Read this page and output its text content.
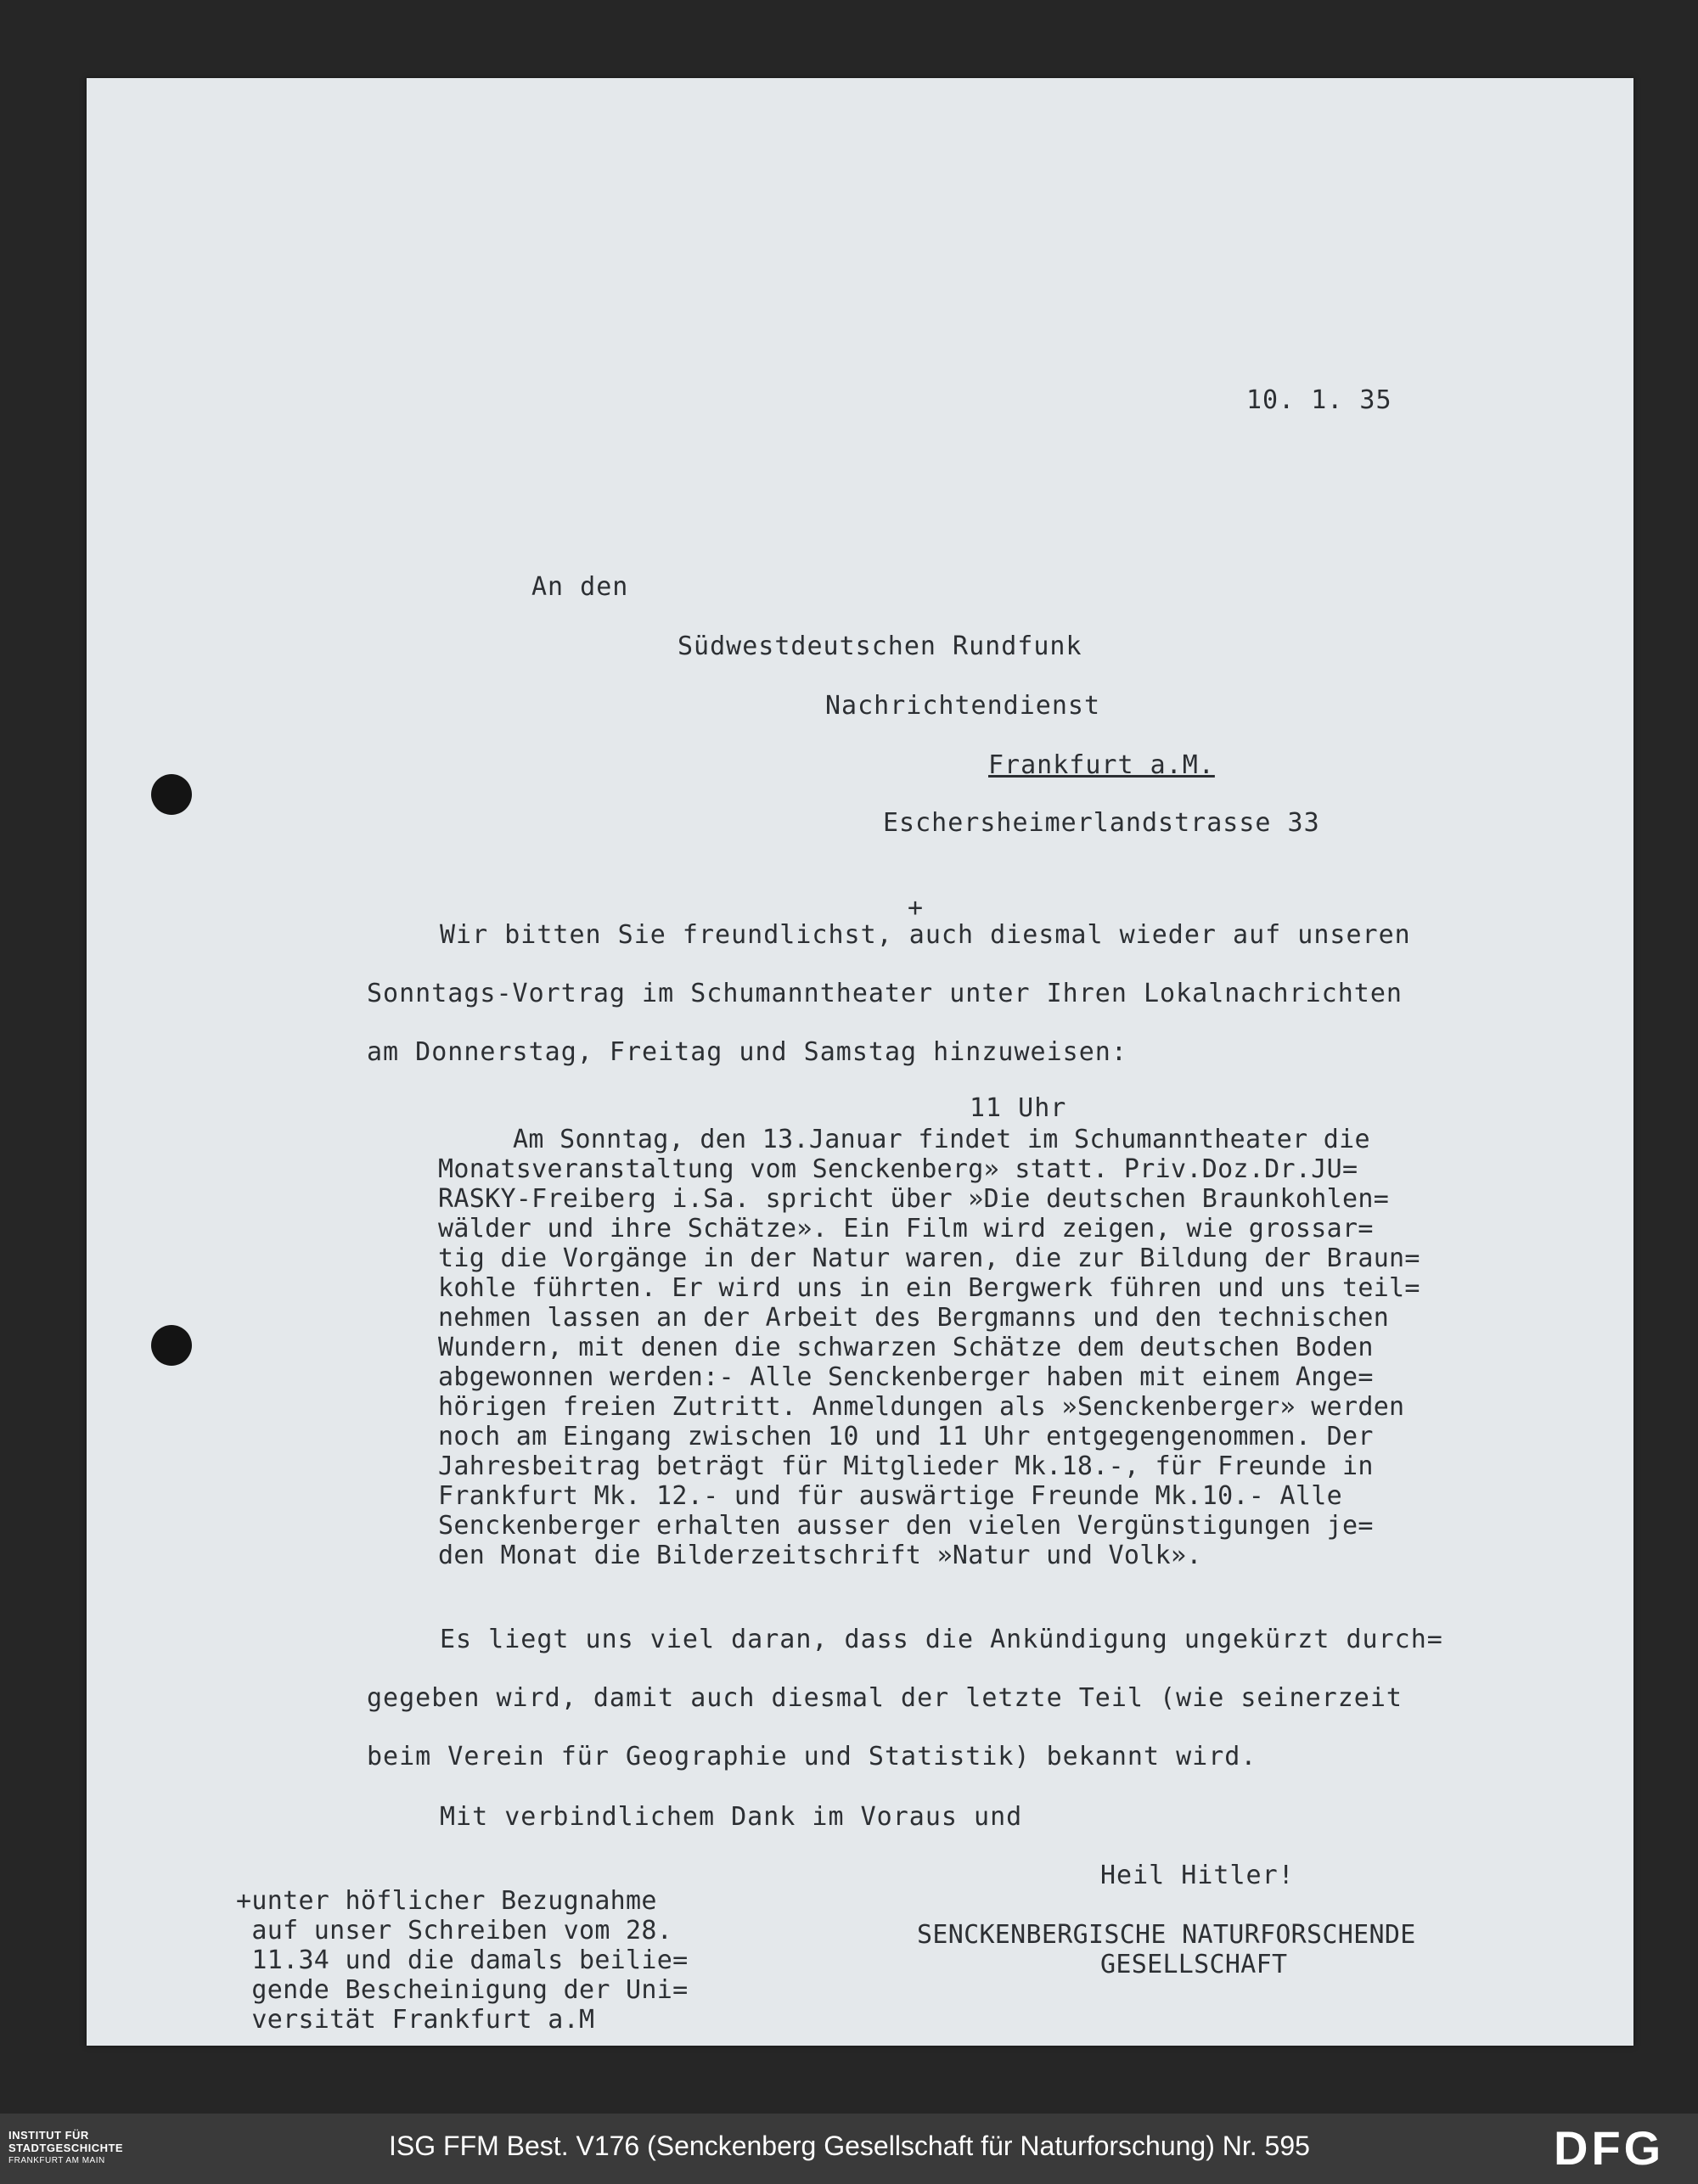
10. 1. 35
An den
Südwestdeutschen Rundfunk
Nachrichtendienst
Frankfurt a.M.
Eschersheimerlandstrasse 33
+
Wir bitten Sie freundlichst, auch diesmal wieder auf unseren
Sonntags-Vortrag im Schumanntheater unter Ihren Lokalnachrichten
am Donnerstag, Freitag und Samstag hinzuweisen:
11 Uhr
Am Sonntag, den 13.Januar findet im Schumanntheater die
Monatsveranstaltung vom Senckenberg» statt. Priv.Doz.Dr.JU=
RASKY-Freiberg i.Sa. spricht über »Die deutschen Braunkohlen=
wälder und ihre Schätze». Ein Film wird zeigen, wie grossar=
tig die Vorgänge in der Natur waren, die zur Bildung der Braun=
kohle führten. Er wird uns in ein Bergwerk führen und uns teil=
nehmen lassen an der Arbeit des Bergmanns und den technischen
Wundern, mit denen die schwarzen Schätze dem deutschen Boden
abgewonnen werden:- Alle Senckenberger haben mit einem Ange=
hörigen freien Zutritt. Anmeldungen als »Senckenberger» werden
noch am Eingang zwischen 10 und 11 Uhr entgegengenommen. Der
Jahresbeitrag beträgt für Mitglieder Mk.18.-, für Freunde in
Frankfurt Mk. 12.- und für auswärtige Freunde Mk.10.- Alle
Senckenberger erhalten ausser den vielen Vergünstigungen je=
den Monat die Bilderzeitschrift »Natur und Volk».
Es liegt uns viel daran, dass die Ankündigung ungekürzt durch=
gegeben wird, damit auch diesmal der letzte Teil (wie seinerzeit
beim Verein für Geographie und Statistik) bekannt wird.
Mit verbindlichem Dank im Voraus und
Heil Hitler!
SENCKENBERGISCHE NATURFORSCHENDE
GESELLSCHAFT
+unter höflicher Bezugnahme
auf unser Schreiben vom 28.
11.34 und die damals beilie=
gende Bescheinigung der Uni=
versität Frankfurt a.M
INSTITUT FÜR
STADTGESCHICHTE
FRANKFURT AM MAIN	ISG FFM Best. V176 (Senckenberg Gesellschaft für Naturforschung) Nr. 595	DFG
